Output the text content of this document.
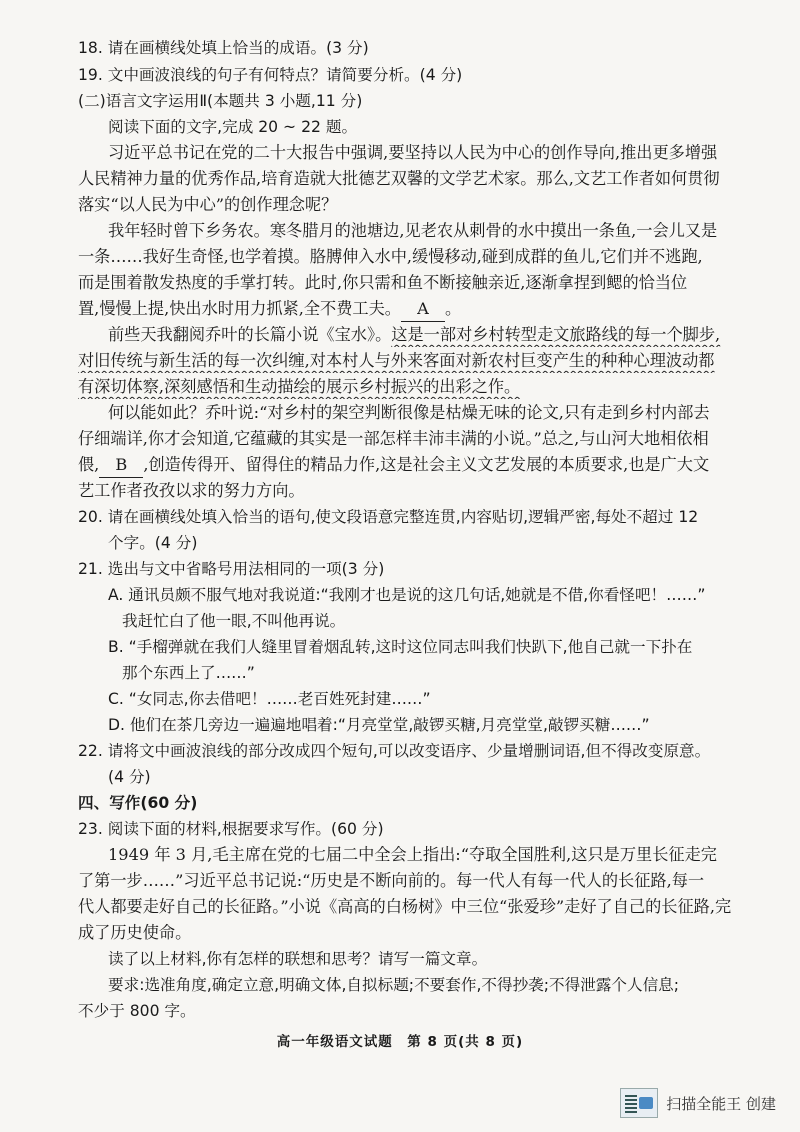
18. 请在画横线处填上恰当的成语。(3 分)
19. 文中画波浪线的句子有何特点？请简要分析。(4 分)
(二)语言文字运用Ⅱ(本题共 3 小题,11 分)
阅读下面的文字,完成 20 ~ 22 题。
习近平总书记在党的二十大报告中强调,要坚持以人民为中心的创作导向,推出更多增强
人民精神力量的优秀作品,培育造就大批德艺双馨的文学艺术家。那么,文艺工作者如何贯彻
落实“以人民为中心”的创作理念呢？
我年轻时曾下乡务农。寒冬腊月的池塘边,见老农从刺骨的水中摸出一条鱼,一会儿又是
一条……我好生奇怪,也学着摸。胳膊伸入水中,缓慢移动,碰到成群的鱼儿,它们并不逃跑,
而是围着散发热度的手掌打转。此时,你只需和鱼不断接触亲近,逐渐拿捏到鳃的恰当位
置,慢慢上提,快出水时用力抓紧,全不费工夫。 A 。
前些天我翻阅乔叶的长篇小说《宝水》。这是一部对乡村转型走文旅路线的每一个脚步,
对旧传统与新生活的每一次纠缠,对本村人与外来客面对新农村巨变产生的种种心理波动都
有深切体察,深刻感悟和生动描绘的展示乡村振兴的出彩之作。
何以能如此？乔叶说:“对乡村的架空判断很像是枯燥无味的论文,只有走到乡村内部去
仔细端详,你才会知道,它蕴藏的其实是一部怎样丰沛丰满的小说。”总之,与山河大地相依相
偎, B ,创造传得开、留得住的精品力作,这是社会主义文艺发展的本质要求,也是广大文
艺工作者孜孜以求的努力方向。
20. 请在画横线处填入恰当的语句,使文段语意完整连贯,内容贴切,逻辑严密,每处不超过 12
个字。(4 分)
21. 选出与文中省略号用法相同的一项(3 分)
A. 通讯员颇不服气地对我说道:“我刚才也是说的这几句话,她就是不借,你看怪吧！……”
我赶忙白了他一眼,不叫他再说。
B. “手榴弹就在我们人缝里冒着烟乱转,这时这位同志叫我们快趴下,他自己就一下扑在
那个东西上了……”
C. “女同志,你去借吧！……老百姓死封建……”
D. 他们在茶几旁边一遍遍地唱着:“月亮堂堂,敲锣买糖,月亮堂堂,敲锣买糖……”
22. 请将文中画波浪线的部分改成四个短句,可以改变语序、少量增删词语,但不得改变原意。
(4 分)
四、写作(60 分)
23. 阅读下面的材料,根据要求写作。(60 分)
1949 年 3 月,毛主席在党的七届二中全会上指出:“夺取全国胜利,这只是万里长征走完
了第一步……”习近平总书记说:“历史是不断向前的。每一代人有每一代人的长征路,每一
代人都要走好自己的长征路。”小说《高高的白杨树》中三位“张爱珍”走好了自己的长征路,完
成了历史使命。
读了以上材料,你有怎样的联想和思考？请写一篇文章。
要求:选准角度,确定立意,明确文体,自拟标题;不要套作,不得抄袭;不得泄露个人信息;
不少于 800 字。
高一年级语文试题　第 8 页(共 8 页)
扫描全能王 创建
